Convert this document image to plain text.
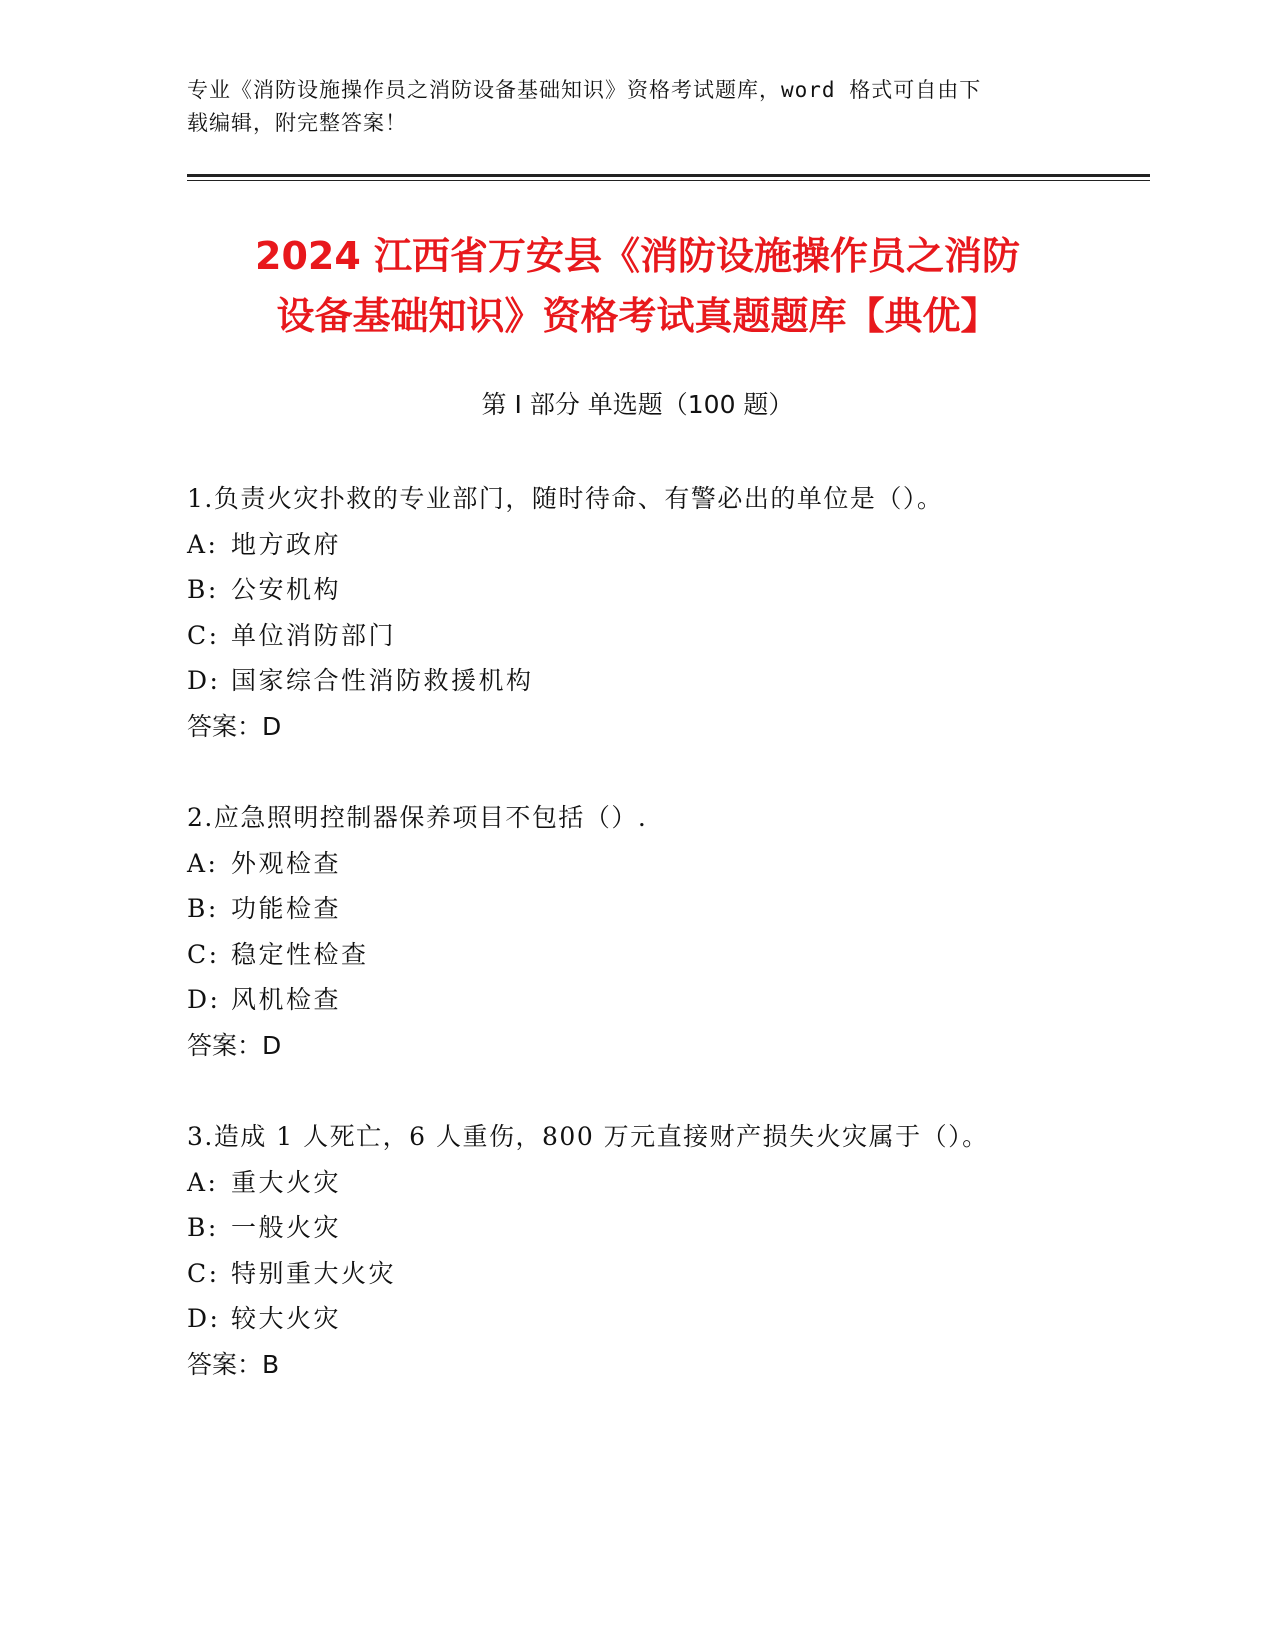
专业《消防设施操作员之消防设备基础知识》资格考试题库，word 格式可自由下
载编辑，附完整答案！
2024 江西省万安县《消防设施操作员之消防
设备基础知识》资格考试真题题库【典优】
第 I 部分 单选题（100 题）
1.负责火灾扑救的专业部门，随时待命、有警必出的单位是（）。
A: 地方政府
B: 公安机构
C: 单位消防部门
D: 国家综合性消防救援机构
答案：D
2.应急照明控制器保养项目不包括（）.
A: 外观检查
B: 功能检查
C: 稳定性检查
D: 风机检查
答案：D
3.造成 1 人死亡，6 人重伤，800 万元直接财产损失火灾属于（）。
A: 重大火灾
B: 一般火灾
C: 特别重大火灾
D: 较大火灾
答案：B
